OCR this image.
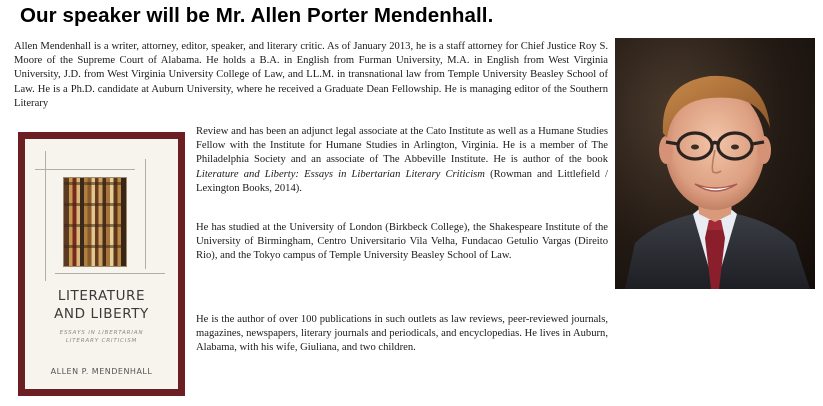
Our speaker will be Mr. Allen Porter Mendenhall.

Allen Mendenhall is a writer, attorney, editor, speaker, and literary critic. As of January 2013, he is a staff attorney for Chief Justice Roy S. Moore of the Supreme Court of Alabama. He holds a B.A. in English from Furman University, M.A. in English from West Virginia University, J.D. from West Virginia University College of Law, and LL.M. in transnational law from Temple University Beasley School of Law. He is a Ph.D. candidate at Auburn University, where he received a Graduate Dean Fellowship. He is managing editor of the Southern Literary

Review and has been an adjunct legal associate at the Cato Institute as well as a Humane Studies Fellow with the Institute for Humane Studies in Arlington, Virginia. He is a member of The Philadelphia Society and an associate of The Abbeville Institute. He is author of the book Literature and Liberty: Essays in Libertarian Literary Criticism (Rowman and Littlefield / Lexington Books, 2014).

He has studied at the University of London (Birkbeck College), the Shakespeare Institute of the University of Birmingham, Centro Universitario Vila Velha, Fundacao Getulio Vargas (Direito Rio), and the Tokyo campus of Temple University Beasley School of Law.

He is the author of over 100 publications in such outlets as law reviews, peer-reviewed journals, magazines, newspapers, literary journals and periodicals, and encyclopedias. He lives in Auburn, Alabama, with his wife, Giuliana, and two children.

LITERATURE
AND LIBERTY
ESSAYS IN LIBERTARIAN
LITERARY CRITICISM
ALLEN P. MENDENHALL
